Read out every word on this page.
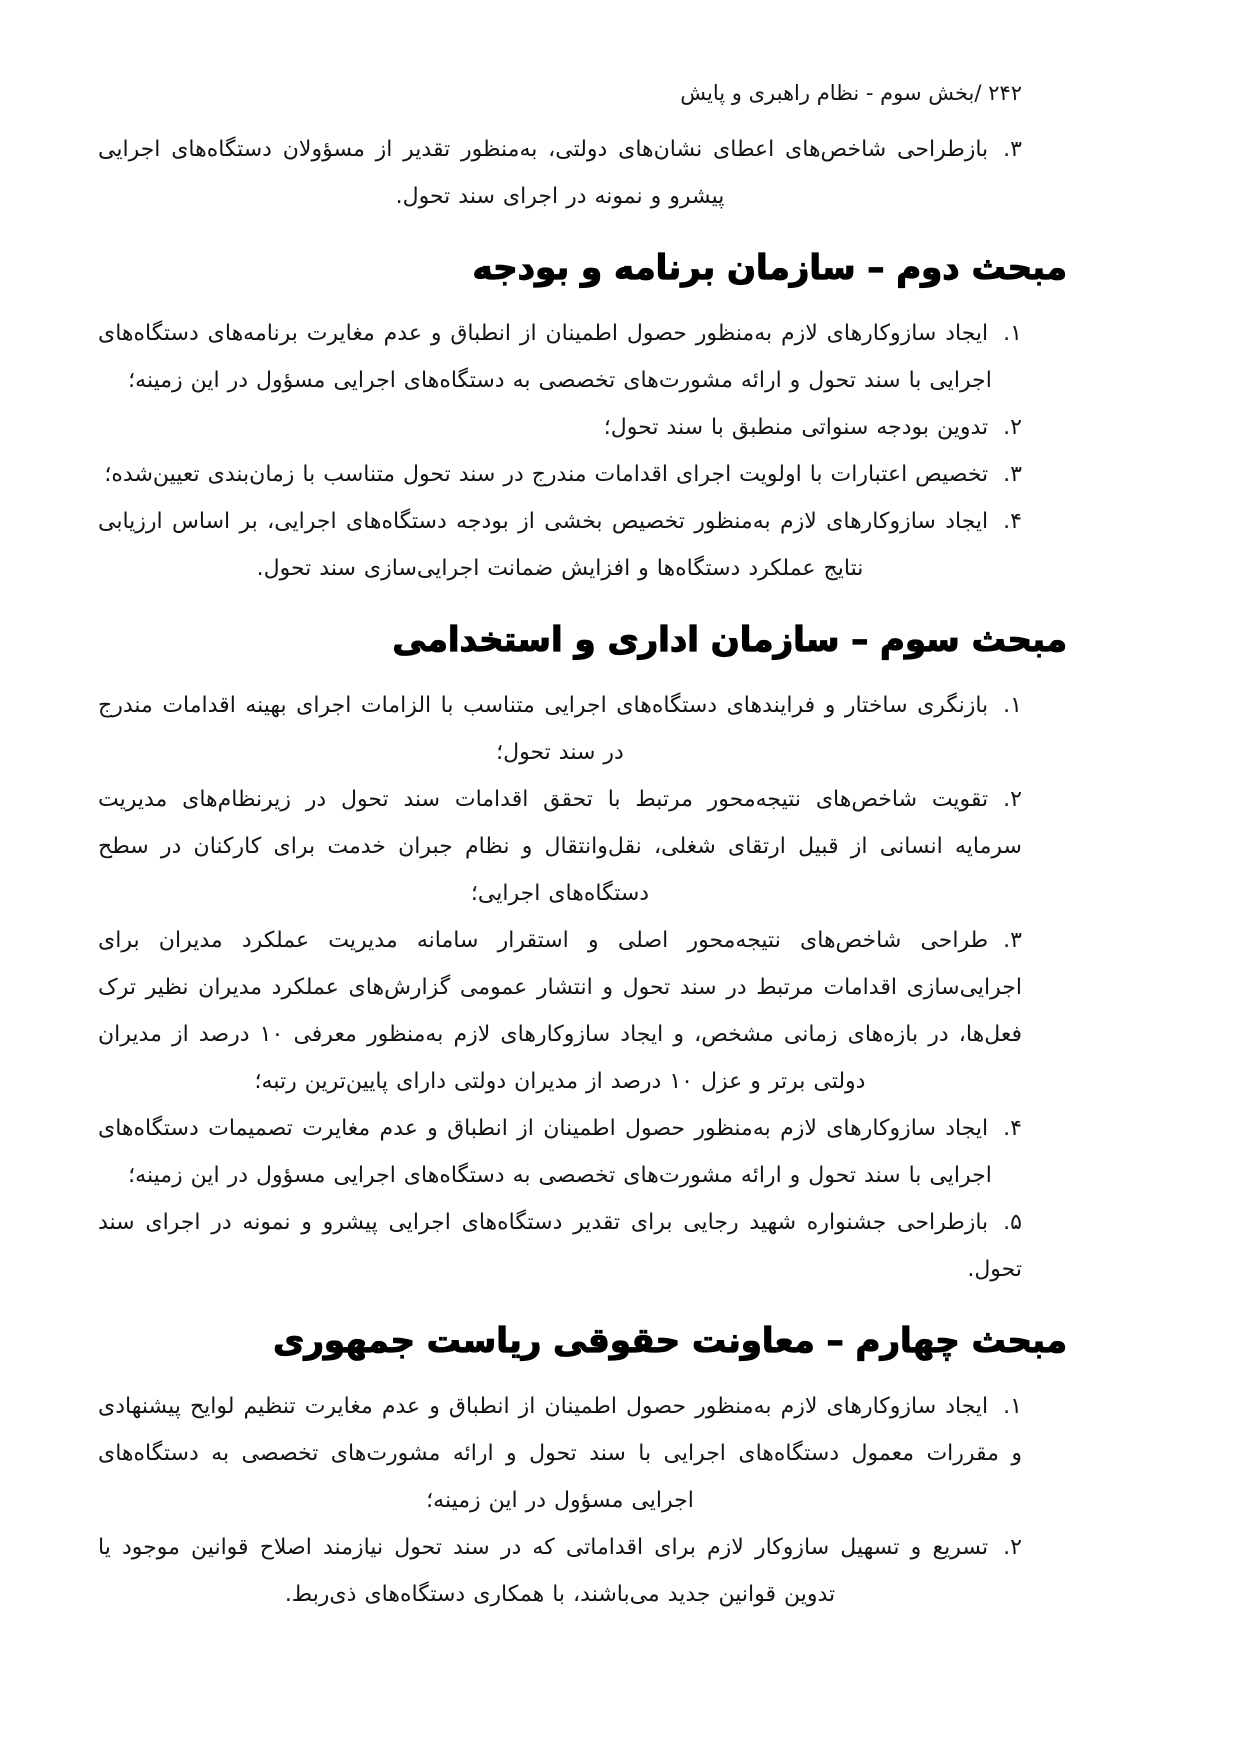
۲۴۲ /بخش سوم - نظام راهبری و پایش
۳.بازطراحی شاخص‌های اعطای نشان‌های دولتی، به‌منظور تقدیر از مسؤولان دستگاه‌های اجرایی پیشرو و نمونه در اجرای سند تحول.
مبحث دوم – سازمان برنامه و بودجه
۱.ایجاد سازوکارهای لازم به‌منظور حصول اطمینان از انطباق و عدم مغایرت برنامه‌های دستگاه‌های اجرایی با سند تحول و ارائه مشورت‌های تخصصی به دستگاه‌های اجرایی مسؤول در این زمینه؛
۲.تدوین بودجه سنواتی منطبق با سند تحول؛
۳.تخصیص اعتبارات با اولویت اجرای اقدامات مندرج در سند تحول متناسب با زمان‌بندی تعیین‌شده؛
۴.ایجاد سازوکارهای لازم به‌منظور تخصیص بخشی از بودجه دستگاه‌های اجرایی، بر اساس ارزیابی نتایج عملکرد دستگاه‌ها و افزایش ضمانت اجرایی‌سازی سند تحول.
مبحث سوم – سازمان اداری و استخدامی
۱.بازنگری ساختار و فرایندهای دستگاه‌های اجرایی متناسب با الزامات اجرای بهینه اقدامات مندرج در سند تحول؛
۲.تقویت شاخص‌های نتیجه‌محور مرتبط با تحقق اقدامات سند تحول در زیرنظام‌های مدیریت سرمایه انسانی از قبیل ارتقای شغلی، نقل‌وانتقال و نظام جبران خدمت برای کارکنان در سطح دستگاه‌های اجرایی؛
۳.طراحی شاخص‌های نتیجه‌محور اصلی و استقرار سامانه مدیریت عملکرد مدیران برای اجرایی‌سازی اقدامات مرتبط در سند تحول و انتشار عمومی گزارش‌های عملکرد مدیران نظیر ترک فعل‌ها، در بازه‌های زمانی مشخص، و ایجاد سازوکارهای لازم به‌منظور معرفی ۱۰ درصد از مدیران دولتی برتر و عزل ۱۰ درصد از مدیران دولتی دارای پایین‌ترین رتبه؛
۴.ایجاد سازوکارهای لازم به‌منظور حصول اطمینان از انطباق و عدم مغایرت تصمیمات دستگاه‌های اجرایی با سند تحول و ارائه مشورت‌های تخصصی به دستگاه‌های اجرایی مسؤول در این زمینه؛
۵.بازطراحی جشنواره شهید رجایی برای تقدیر دستگاه‌های اجرایی پیشرو و نمونه در اجرای سند تحول.
مبحث چهارم – معاونت حقوقی ریاست جمهوری
۱.ایجاد سازوکارهای لازم به‌منظور حصول اطمینان از انطباق و عدم مغایرت تنظیم لوایح پیشنهادی و مقررات معمول دستگاه‌های اجرایی با سند تحول و ارائه مشورت‌های تخصصی به دستگاه‌های اجرایی مسؤول در این زمینه؛
۲.تسریع و تسهیل سازوکار لازم برای اقداماتی که در سند تحول نیازمند اصلاح قوانین موجود یا تدوین قوانین جدید می‌باشند، با همکاری دستگاه‌های ذی‌ربط.
